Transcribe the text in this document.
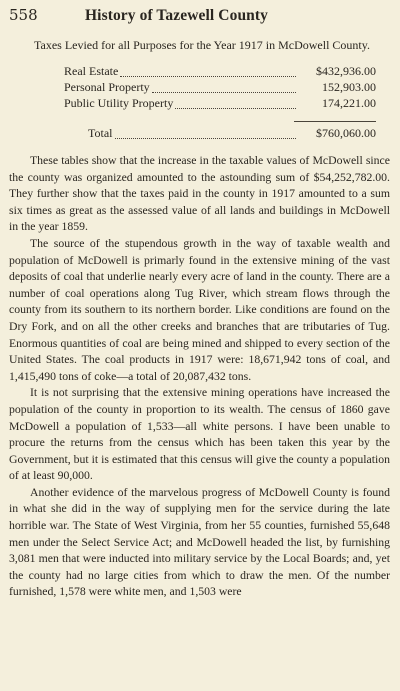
558	History of Tazewell County
Taxes Levied for all Purposes for the Year 1917 in McDowell County.
Real Estate	$432,936.00
Personal Property	152,903.00
Public Utility Property	174,221.00
Total	$760,060.00

These tables show that the increase in the taxable values of McDowell since the county was organized amounted to the astounding sum of $54,252,782.00. They further show that the taxes paid in the county in 1917 amounted to a sum six times as great as the assessed value of all lands and buildings in McDowell in the year 1859.

The source of the stupendous growth in the way of taxable wealth and population of McDowell is primarly found in the extensive mining of the vast deposits of coal that underlie nearly every acre of land in the county. There are a number of coal operations along Tug River, which stream flows through the county from its southern to its northern border. Like conditions are found on the Dry Fork, and on all the other creeks and branches that are tributaries of Tug. Enormous quantities of coal are being mined and shipped to every section of the United States. The coal products in 1917 were: 18,671,942 tons of coal, and 1,415,490 tons of coke—a total of 20,087,432 tons.

It is not surprising that the extensive mining operations have increased the population of the county in proportion to its wealth. The census of 1860 gave McDowell a population of 1,533—all white persons. I have been unable to procure the returns from the census which has been taken this year by the Government, but it is estimated that this census will give the county a population of at least 90,000.

Another evidence of the marvelous progress of McDowell County is found in what she did in the way of supplying men for the service during the late horrible war. The State of West Virginia, from her 55 counties, furnished 55,648 men under the Select Service Act; and McDowell headed the list, by furnishing 3,081 men that were inducted into military service by the Local Boards; and, yet the county had no large cities from which to draw the men. Of the number furnished, 1,578 were white men, and 1,503 were
